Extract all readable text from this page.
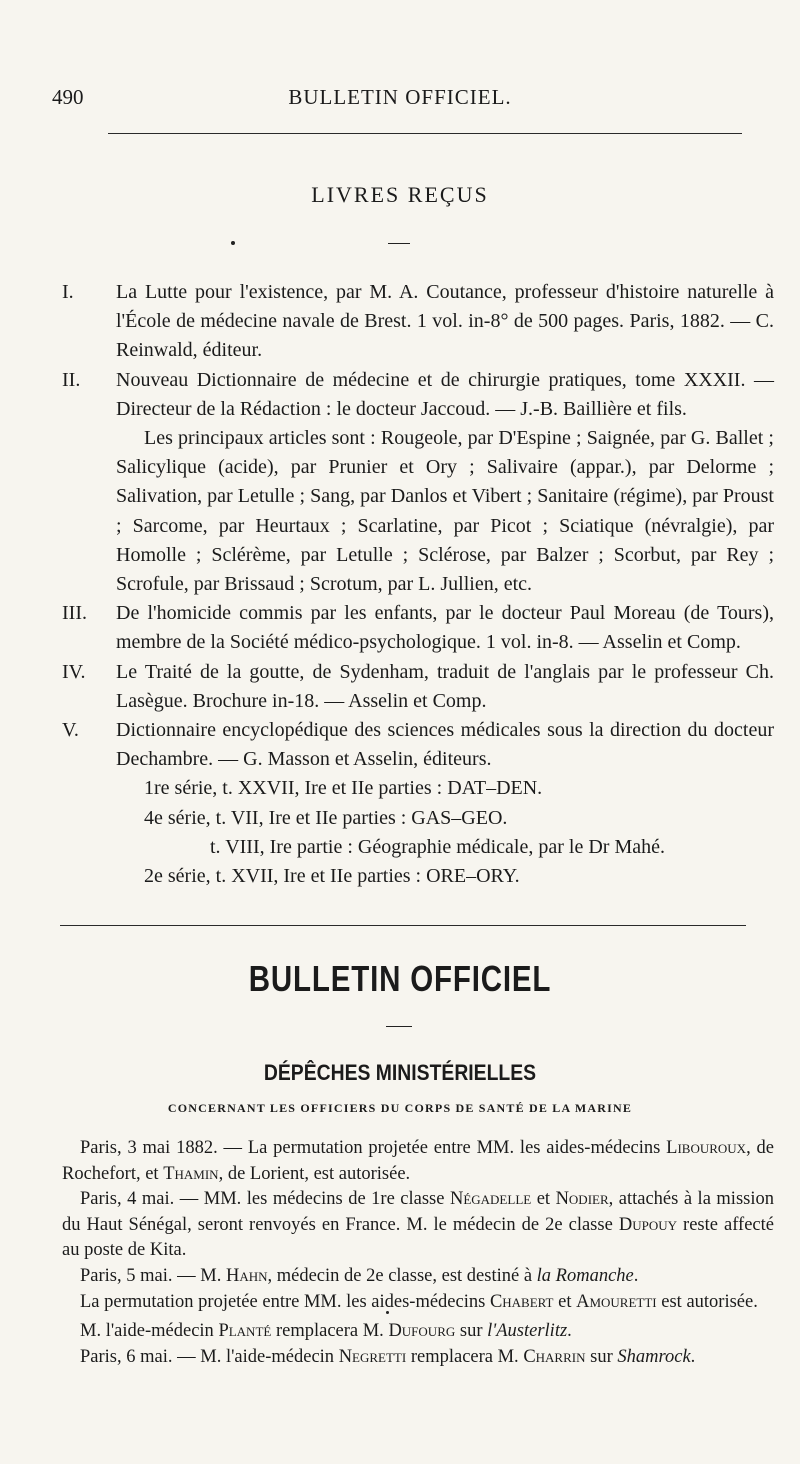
490	BULLETIN OFFICIEL.
LIVRES REÇUS
I.	La Lutte pour l'existence, par M. A. Coutance, professeur d'histoire naturelle à l'École de médecine navale de Brest. 1 vol. in-8° de 500 pages. Paris, 1882. — C. Reinwald, éditeur.
II.	Nouveau Dictionnaire de médecine et de chirurgie pratiques, tome XXXII. — Directeur de la Rédaction : le docteur Jaccoud. — J.-B. Baillière et fils.

Les principaux articles sont : Rougeole, par D'Espine ; Saignée, par G. Ballet ; Salicylique (acide), par Prunier et Ory ; Salivaire (appar.), par Delorme ; Salivation, par Letulle ; Sang, par Danlos et Vibert ; Sanitaire (régime), par Proust ; Sarcome, par Heurtaux ; Scarlatine, par Picot ; Sciatique (névralgie), par Homolle ; Sclérème, par Letulle ; Sclérose, par Balzer ; Scorbut, par Rey ; Scrofule, par Brissaud ; Scrotum, par L. Jullien, etc.

III.	De l'homicide commis par les enfants, par le docteur Paul Moreau (de Tours), membre de la Société médico-psychologique. 1 vol. in-8. — Asselin et Comp.
IV.	Le Traité de la goutte, de Sydenham, traduit de l'anglais par le professeur Ch. Lasègue. Brochure in-18. — Asselin et Comp.
V.	Dictionnaire encyclopédique des sciences médicales sous la direction du docteur Dechambre. — G. Masson et Asselin, éditeurs.
1re série, t. XXVII, Ire et IIe parties : DAT–DEN.
4e série, t. VII, Ire et IIe parties : GAS–GEO.
t. VIII, Ire partie : Géographie médicale, par le Dr Mahé.
2e série, t. XVII, Ire et IIe parties : ORE–ORY.
BULLETIN OFFICIEL
DÉPÊCHES MINISTÉRIELLES
CONCERNANT LES OFFICIERS DU CORPS DE SANTÉ DE LA MARINE

Paris, 3 mai 1882. — La permutation projetée entre MM. les aides-médecins Libouroux, de Rochefort, et Thamin, de Lorient, est autorisée.

Paris, 4 mai. — MM. les médecins de 1re classe Négadelle et Nodier, attachés à la mission du Haut Sénégal, seront renvoyés en France. M. le médecin de 2e classe Dupouy reste affecté au poste de Kita.

Paris, 5 mai. — M. Hahn, médecin de 2e classe, est destiné à la Romanche.

La permutation projetée entre MM. les aides-médecins Chabert et Amouretti est autorisée.

M. l'aide-médecin Planté remplacera M. Dufourg sur l'Austerlitz.

Paris, 6 mai. — M. l'aide-médecin Negretti remplacera M. Charrin sur Shamrock.
